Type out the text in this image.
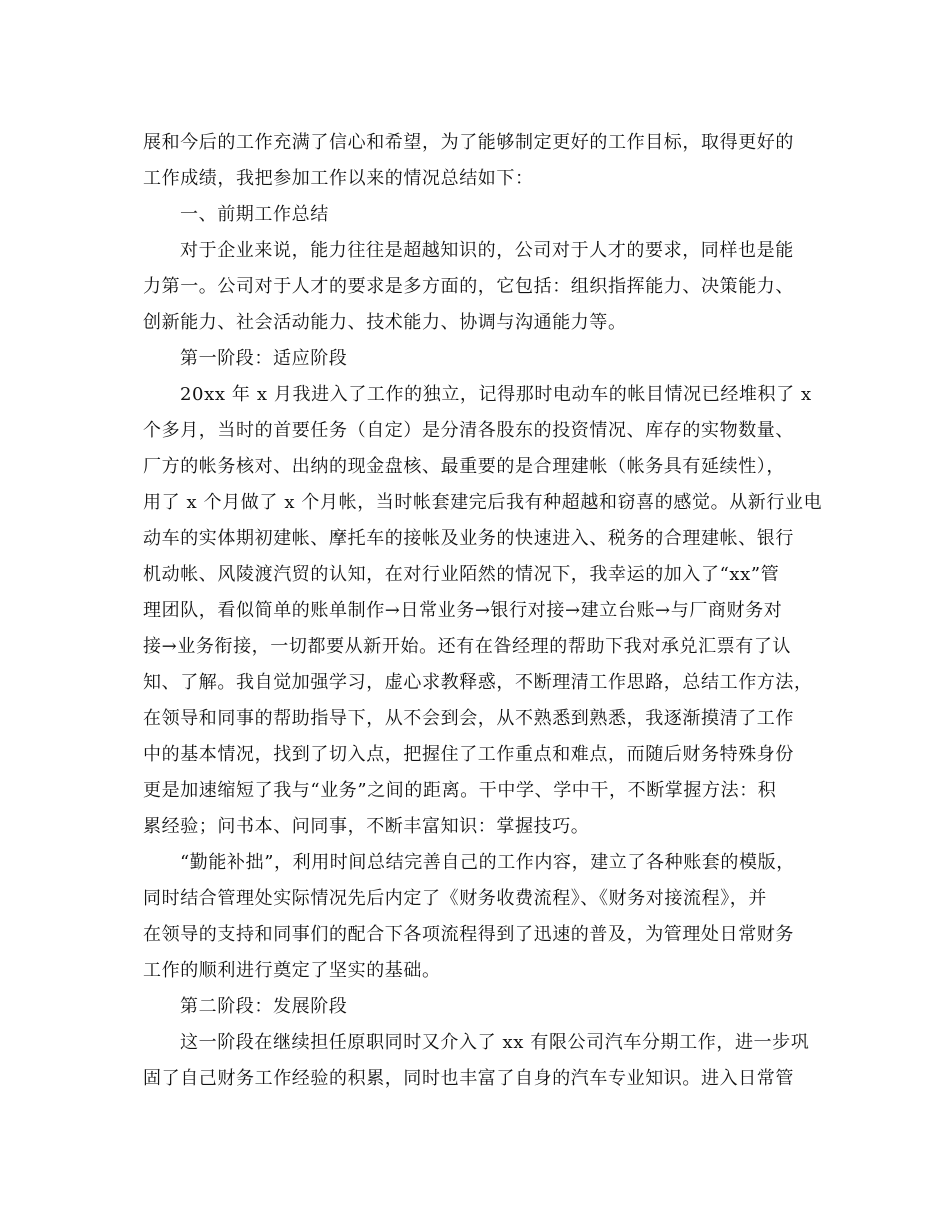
展和今后的工作充满了信心和希望，为了能够制定更好的工作目标，取得更好的
工作成绩，我把参加工作以来的情况总结如下：
一、前期工作总结
对于企业来说，能力往往是超越知识的，公司对于人才的要求，同样也是能
力第一。公司对于人才的要求是多方面的，它包括：组织指挥能力、决策能力、
创新能力、社会活动能力、技术能力、协调与沟通能力等。
第一阶段：适应阶段
20xx 年 x 月我进入了工作的独立，记得那时电动车的帐目情况已经堆积了 x
个多月，当时的首要任务（自定）是分清各股东的投资情况、库存的实物数量、
厂方的帐务核对、出纳的现金盘核、最重要的是合理建帐（帐务具有延续性），
用了 x 个月做了 x 个月帐，当时帐套建完后我有种超越和窃喜的感觉。从新行业电
动车的实体期初建帐、摩托车的接帐及业务的快速进入、税务的合理建帐、银行
机动帐、风陵渡汽贸的认知，在对行业陌然的情况下，我幸运的加入了“xx”管
理团队，看似简单的账单制作→日常业务→银行对接→建立台账→与厂商财务对
接→业务衔接，一切都要从新开始。还有在昝经理的帮助下我对承兑汇票有了认
知、了解。我自觉加强学习，虚心求教释惑，不断理清工作思路，总结工作方法，
在领导和同事的帮助指导下，从不会到会，从不熟悉到熟悉，我逐渐摸清了工作
中的基本情况，找到了切入点，把握住了工作重点和难点，而随后财务特殊身份
更是加速缩短了我与“业务”之间的距离。干中学、学中干，不断掌握方法：积
累经验；问书本、问同事，不断丰富知识：掌握技巧。
“勤能补拙”，利用时间总结完善自己的工作内容，建立了各种账套的模版，
同时结合管理处实际情况先后内定了《财务收费流程》、《财务对接流程》，并
在领导的支持和同事们的配合下各项流程得到了迅速的普及，为管理处日常财务
工作的顺利进行奠定了坚实的基础。
第二阶段：发展阶段
这一阶段在继续担任原职同时又介入了 xx 有限公司汽车分期工作，进一步巩
固了自己财务工作经验的积累，同时也丰富了自身的汽车专业知识。进入日常管
